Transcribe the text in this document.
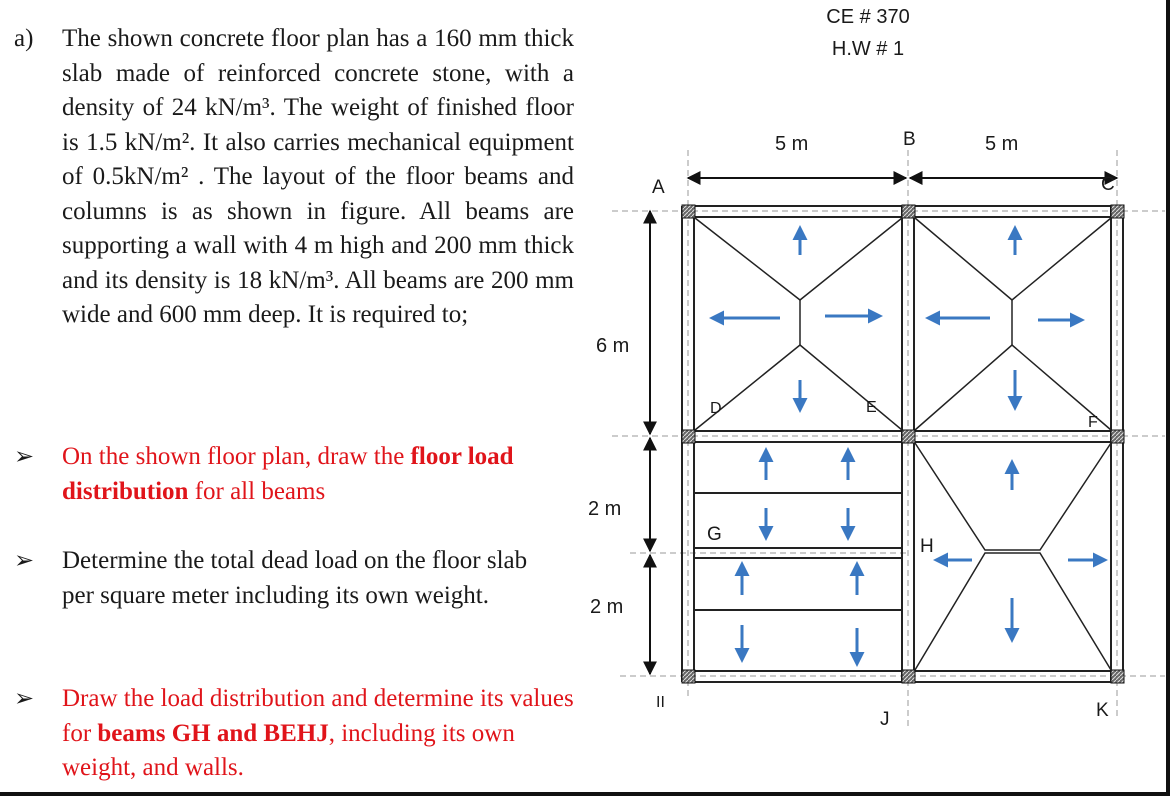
a) The shown concrete floor plan has a 160 mm thick slab made of reinforced concrete stone, with a density of 24 kN/m³. The weight of finished floor is 1.5 kN/m². It also carries mechanical equipment of 0.5kN/m² . The layout of the floor beams and columns is as shown in figure. All beams are supporting a wall with 4 m high and 200 mm thick and its density is 18 kN/m³. All beams are 200 mm wide and 600 mm deep. It is required to;
➢ On the shown floor plan, draw the floor load distribution for all beams
➢ Determine the total dead load on the floor slab per square meter including its own weight.
➢ Draw the load distribution and determine its values for beams GH and BEHJ, including its own weight, and walls.
CE # 370
H.W # 1
5 m	5 m
6 m
2 m
2 m
A
B
C
D	E
F
G
H
II
J	K
